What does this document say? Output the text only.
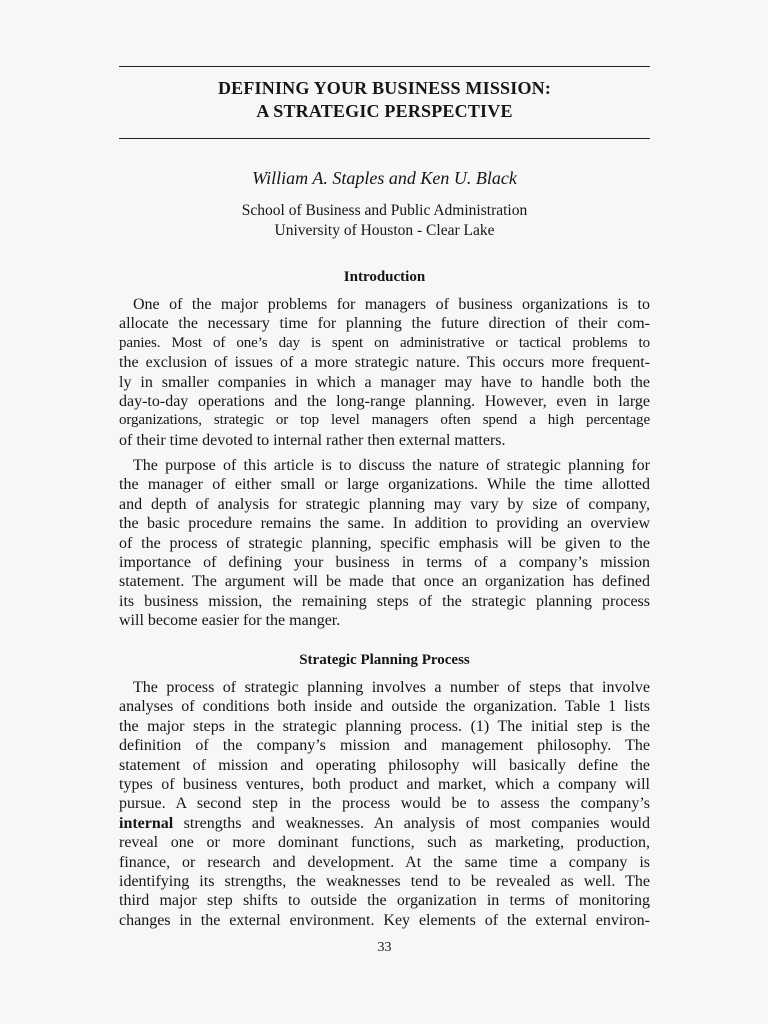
DEFINING YOUR BUSINESS MISSION:
A STRATEGIC PERSPECTIVE
William A. Staples and Ken U. Black
School of Business and Public Administration
University of Houston - Clear Lake
Introduction
One of the major problems for managers of business organizations is to
allocate the necessary time for planning the future direction of their com-
panies. Most of one’s day is spent on administrative or tactical problems to
the exclusion of issues of a more strategic nature. This occurs more frequent-
ly in smaller companies in which a manager may have to handle both the
day-to-day operations and the long-range planning. However, even in large
organizations, strategic or top level managers often spend a high percentage
of their time devoted to internal rather then external matters.
The purpose of this article is to discuss the nature of strategic planning for
the manager of either small or large organizations. While the time allotted
and depth of analysis for strategic planning may vary by size of company,
the basic procedure remains the same. In addition to providing an overview
of the process of strategic planning, specific emphasis will be given to the
importance of defining your business in terms of a company’s mission
statement. The argument will be made that once an organization has defined
its business mission, the remaining steps of the strategic planning process
will become easier for the manger.
Strategic Planning Process
The process of strategic planning involves a number of steps that involve
analyses of conditions both inside and outside the organization. Table 1 lists
the major steps in the strategic planning process. (1) The initial step is the
definition of the company’s mission and management philosophy. The
statement of mission and operating philosophy will basically define the
types of business ventures, both product and market, which a company will
pursue. A second step in the process would be to assess the company’s
internal strengths and weaknesses. An analysis of most companies would
reveal one or more dominant functions, such as marketing, production,
finance, or research and development. At the same time a company is
identifying its strengths, the weaknesses tend to be revealed as well. The
third major step shifts to outside the organization in terms of monitoring
changes in the external environment. Key elements of the external environ-
33
